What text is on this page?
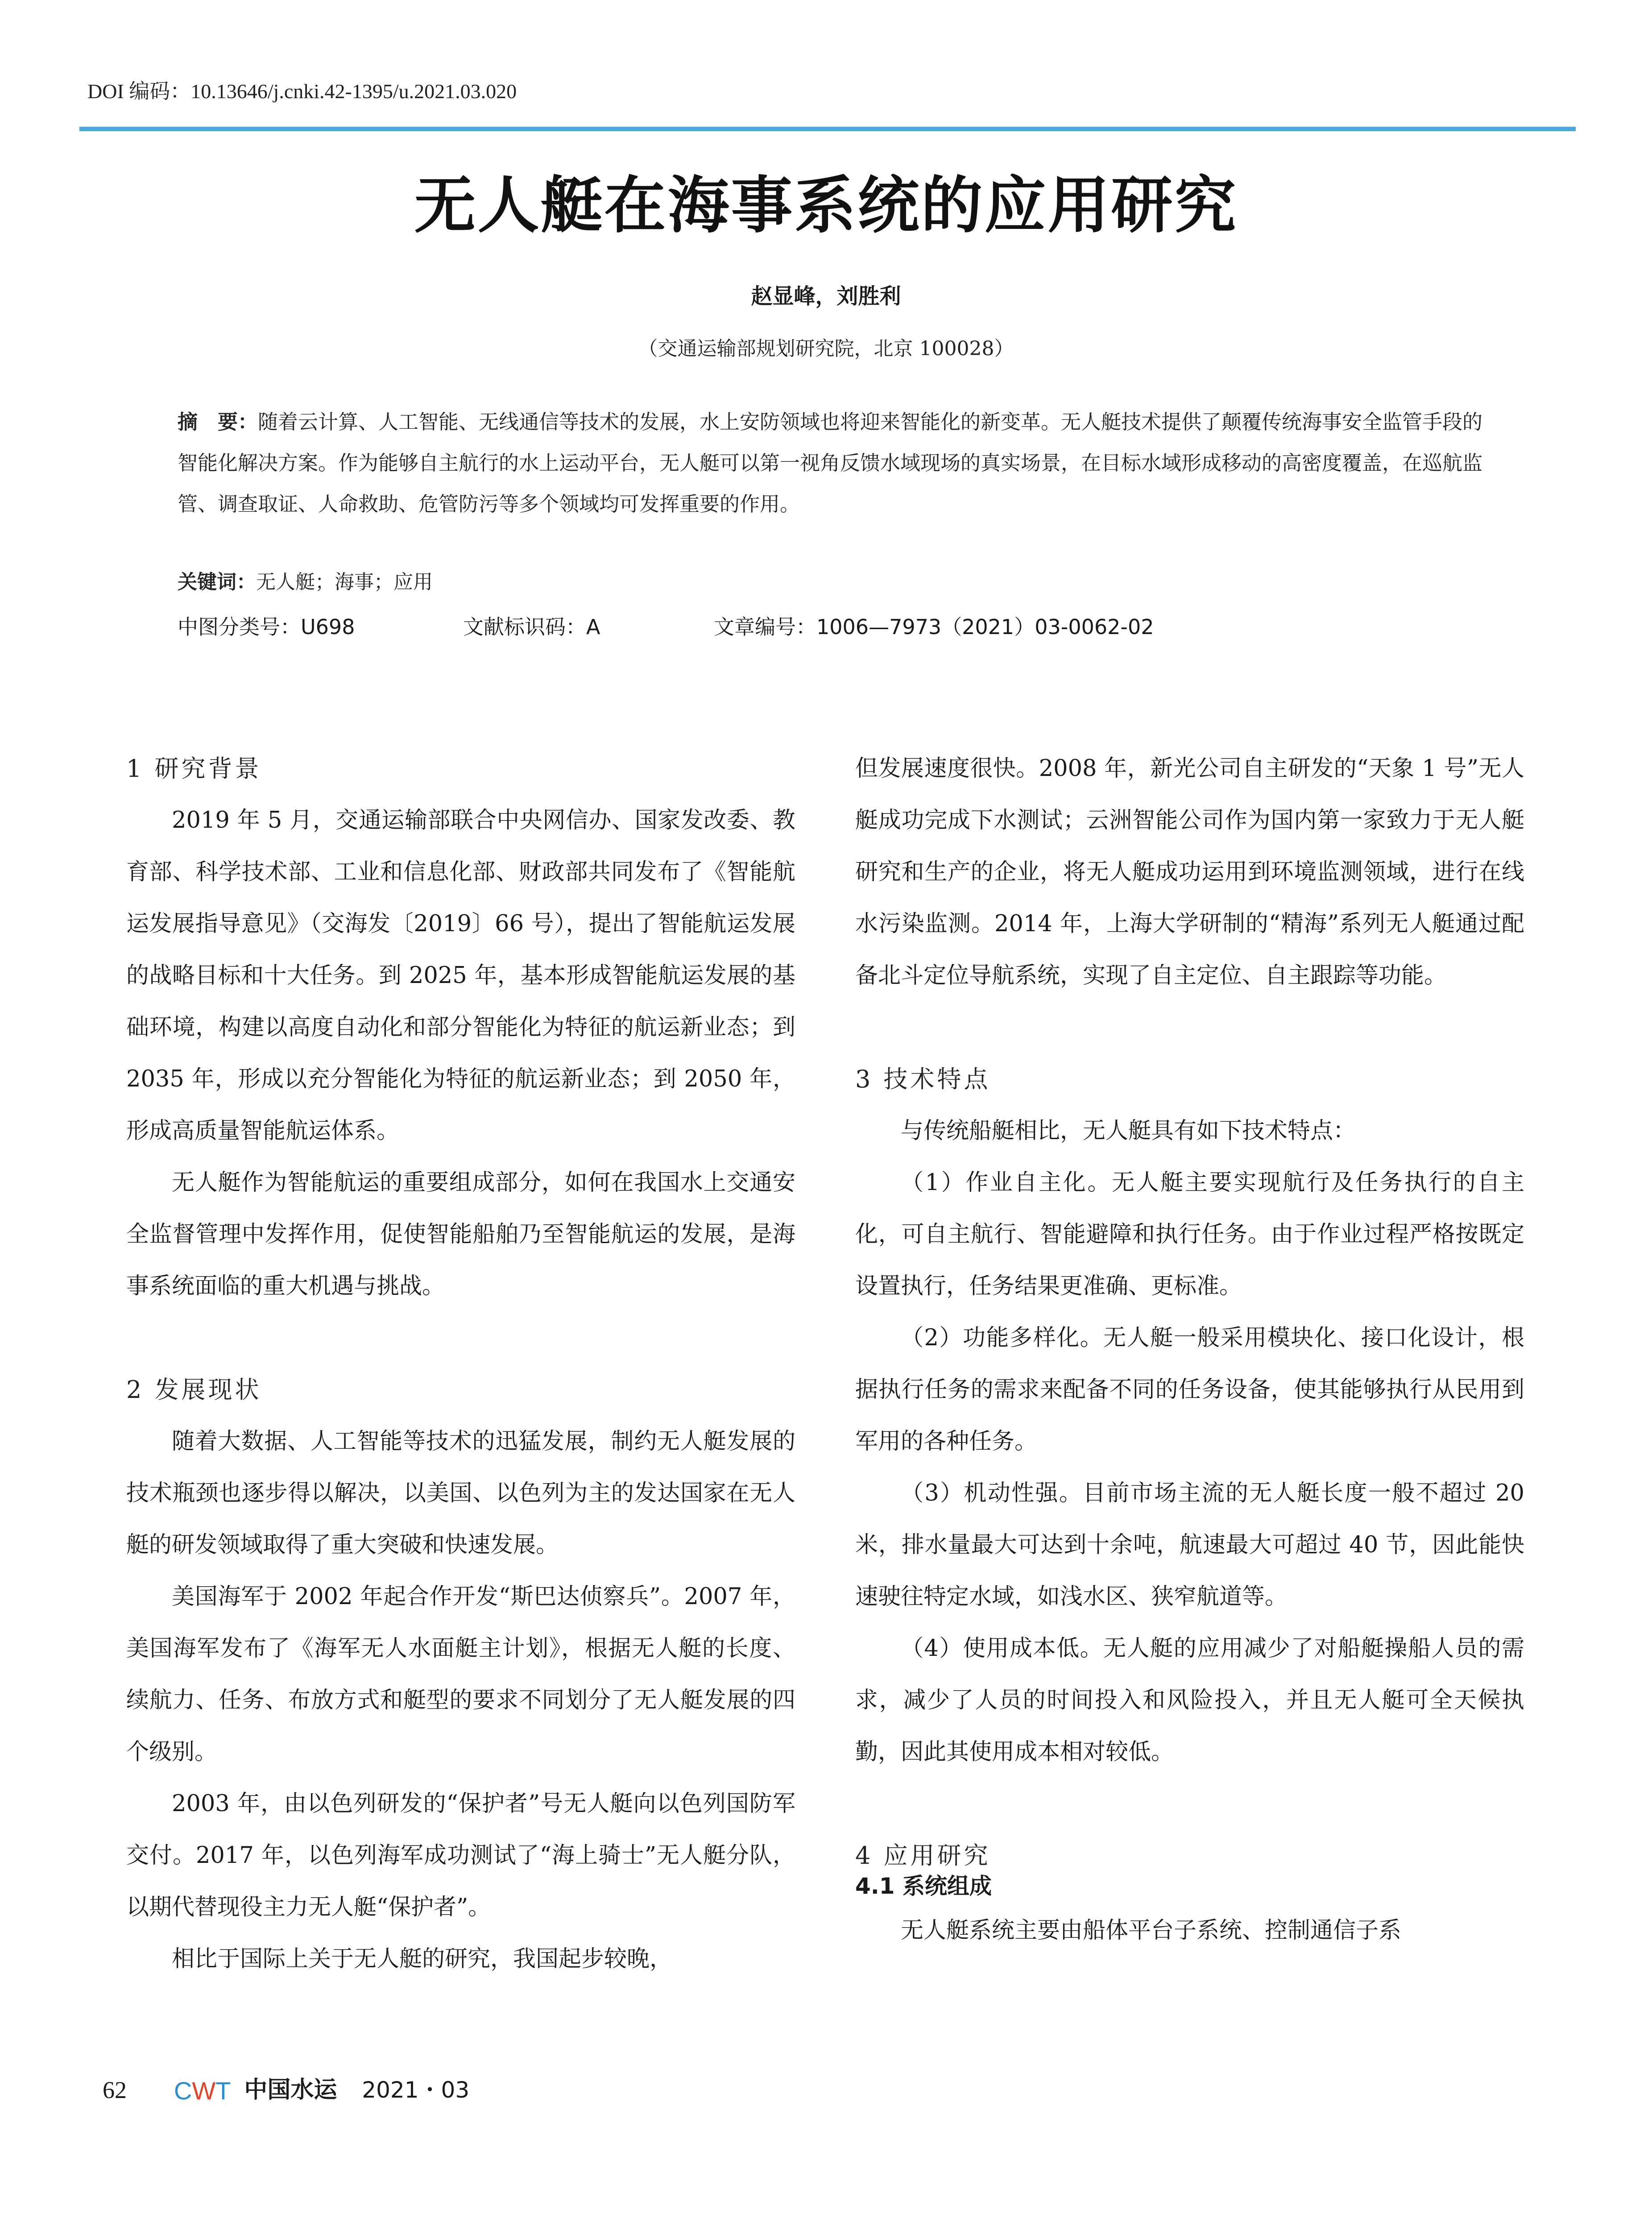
DOI 编码：10.13646/j.cnki.42-1395/u.2021.03.020
无人艇在海事系统的应用研究
赵显峰，刘胜利
（交通运输部规划研究院，北京 100028）
摘　要：随着云计算、人工智能、无线通信等技术的发展，水上安防领域也将迎来智能化的新变革。无人艇技术提供了颠覆传统海事安全监管手段的智能化解决方案。作为能够自主航行的水上运动平台，无人艇可以第一视角反馈水域现场的真实场景，在目标水域形成移动的高密度覆盖，在巡航监管、调查取证、人命救助、危管防污等多个领域均可发挥重要的作用。
关键词：无人艇；海事；应用
中图分类号：U698	文献标识码：A	文章编号：1006—7973（2021）03-0062-02
1 研究背景

2019 年 5 月，交通运输部联合中央网信办、国家发改委、教育部、科学技术部、工业和信息化部、财政部共同发布了《智能航运发展指导意见》（交海发〔2019〕66 号），提出了智能航运发展的战略目标和十大任务。到 2025 年，基本形成智能航运发展的基础环境，构建以高度自动化和部分智能化为特征的航运新业态；到 2035 年，形成以充分智能化为特征的航运新业态；到 2050 年，形成高质量智能航运体系。

无人艇作为智能航运的重要组成部分，如何在我国水上交通安全监督管理中发挥作用，促使智能船舶乃至智能航运的发展，是海事系统面临的重大机遇与挑战。

2 发展现状

随着大数据、人工智能等技术的迅猛发展，制约无人艇发展的技术瓶颈也逐步得以解决，以美国、以色列为主的发达国家在无人艇的研发领域取得了重大突破和快速发展。

美国海军于 2002 年起合作开发“斯巴达侦察兵”。2007 年，美国海军发布了《海军无人水面艇主计划》，根据无人艇的长度、续航力、任务、布放方式和艇型的要求不同划分了无人艇发展的四个级别。

2003 年，由以色列研发的“保护者”号无人艇向以色列国防军交付。2017 年，以色列海军成功测试了“海上骑士”无人艇分队，以期代替现役主力无人艇“保护者”。

相比于国际上关于无人艇的研究，我国起步较晚，

但发展速度很快。2008 年，新光公司自主研发的“天象 1 号”无人艇成功完成下水测试；云洲智能公司作为国内第一家致力于无人艇研究和生产的企业，将无人艇成功运用到环境监测领域，进行在线水污染监测。2014 年，上海大学研制的“精海”系列无人艇通过配备北斗定位导航系统，实现了自主定位、自主跟踪等功能。

3 技术特点

与传统船艇相比，无人艇具有如下技术特点：

（1）作业自主化。无人艇主要实现航行及任务执行的自主化，可自主航行、智能避障和执行任务。由于作业过程严格按既定设置执行，任务结果更准确、更标准。

（2）功能多样化。无人艇一般采用模块化、接口化设计，根据执行任务的需求来配备不同的任务设备，使其能够执行从民用到军用的各种任务。

（3）机动性强。目前市场主流的无人艇长度一般不超过 20 米，排水量最大可达到十余吨，航速最大可超过 40 节，因此能快速驶往特定水域，如浅水区、狭窄航道等。

（4）使用成本低。无人艇的应用减少了对船艇操船人员的需求，减少了人员的时间投入和风险投入，并且无人艇可全天候执勤，因此其使用成本相对较低。

4 应用研究
4.1 系统组成

无人艇系统主要由船体平台子系统、控制通信子系

62 CWT 中国水运 2021・03
